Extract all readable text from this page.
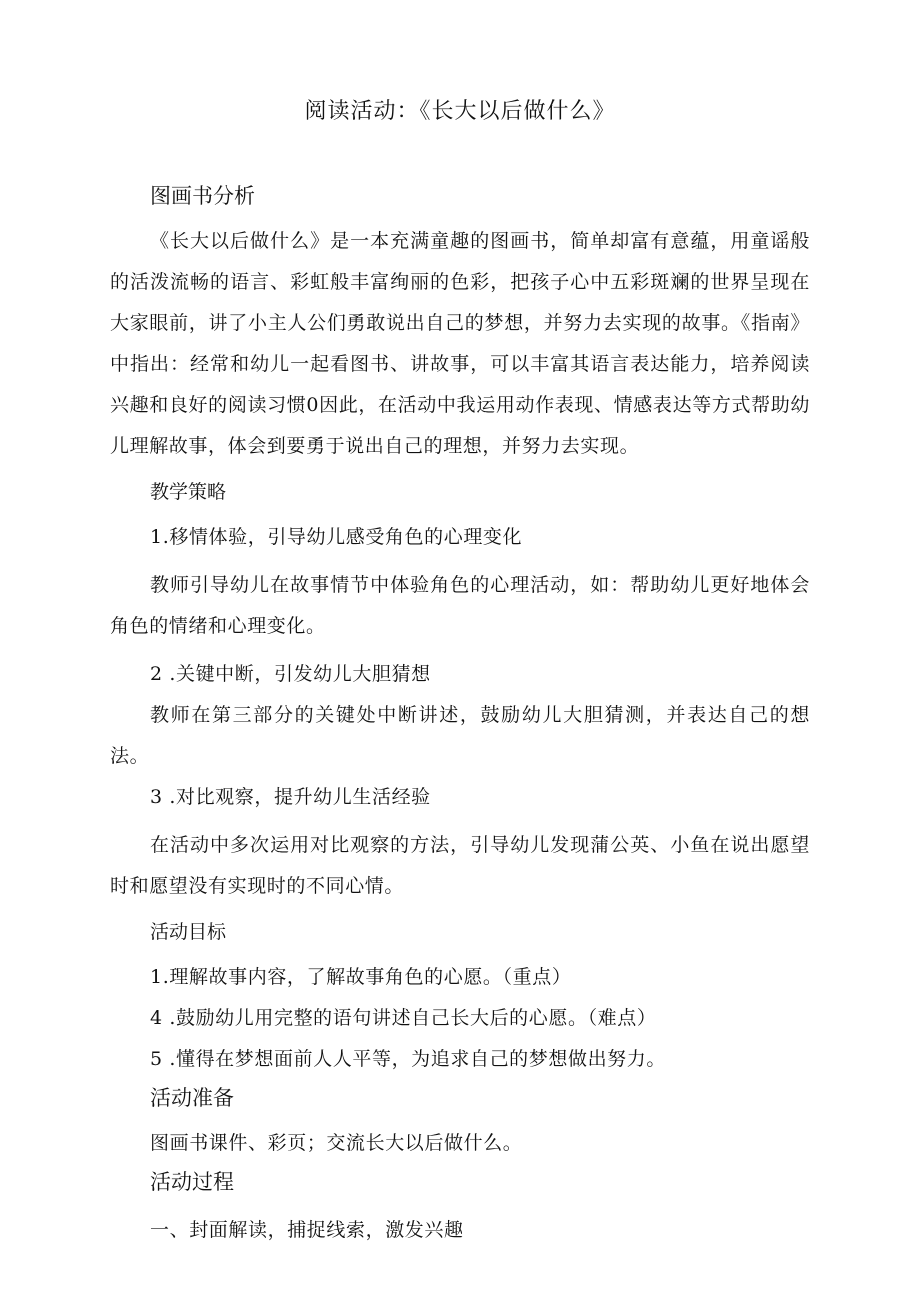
阅读活动：《长大以后做什么》

图画书分析

《长大以后做什么》是一本充满童趣的图画书，简单却富有意蕴，用童谣般的活泼流畅的语言、彩虹般丰富绚丽的色彩，把孩子心中五彩斑斓的世界呈现在大家眼前，讲了小主人公们勇敢说出自己的梦想，并努力去实现的故事。《指南》中指出：经常和幼儿一起看图书、讲故事，可以丰富其语言表达能力，培养阅读兴趣和良好的阅读习惯0因此，在活动中我运用动作表现、情感表达等方式帮助幼儿理解故事，体会到要勇于说出自己的理想，并努力去实现。

教学策略

1.移情体验，引导幼儿感受角色的心理变化

教师引导幼儿在故事情节中体验角色的心理活动，如：帮助幼儿更好地体会角色的情绪和心理变化。

2 .关键中断，引发幼儿大胆猜想

教师在第三部分的关键处中断讲述，鼓励幼儿大胆猜测，并表达自己的想法。

3 .对比观察，提升幼儿生活经验

在活动中多次运用对比观察的方法，引导幼儿发现蒲公英、小鱼在说出愿望时和愿望没有实现时的不同心情。

活动目标

1.理解故事内容，了解故事角色的心愿。（重点）

4 .鼓励幼儿用完整的语句讲述自己长大后的心愿。（难点）

5 .懂得在梦想面前人人平等，为追求自己的梦想做出努力。

活动准备

图画书课件、彩页；交流长大以后做什么。

活动过程

一、封面解读，捕捉线索，激发兴趣
